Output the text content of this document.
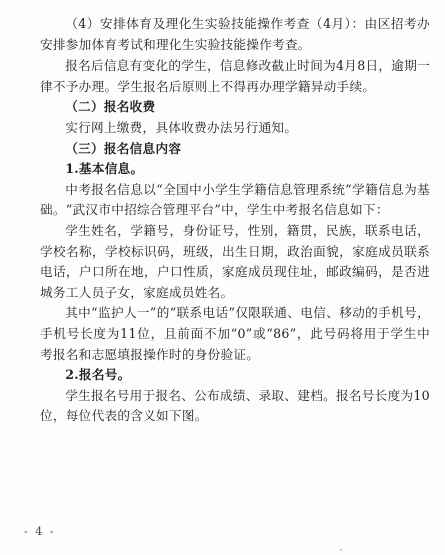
（4）安排体育及理化生实验技能操作考查（4月）：由区招考办安排参加体育考试和理化生实验技能操作考查。

报名后信息有变化的学生，信息修改截止时间为4月8日，逾期一律不予办理。学生报名后原则上不得再办理学籍异动手续。

（二）报名收费

实行网上缴费，具体收费办法另行通知。

（三）报名信息内容

1.基本信息。

中考报名信息以“全国中小学生学籍信息管理系统”学籍信息为基础。“武汉市中招综合管理平台”中，学生中考报名信息如下：

学生姓名，学籍号，身份证号，性别，籍贯，民族，联系电话，学校名称，学校标识码，班级，出生日期，政治面貌，家庭成员联系电话，户口所在地，户口性质，家庭成员现住址，邮政编码，是否进城务工人员子女，家庭成员姓名。

其中“监护人一”的“联系电话”仅限联通、电信、移动的手机号，手机号长度为11位，且前面不加“0”或“86”，此号码将用于学生中考报名和志愿填报操作时的身份验证。

2.报名号。

学生报名号用于报名、公布成绩、录取、建档。报名号长度为10位，每位代表的含义如下图。

- 4 -
